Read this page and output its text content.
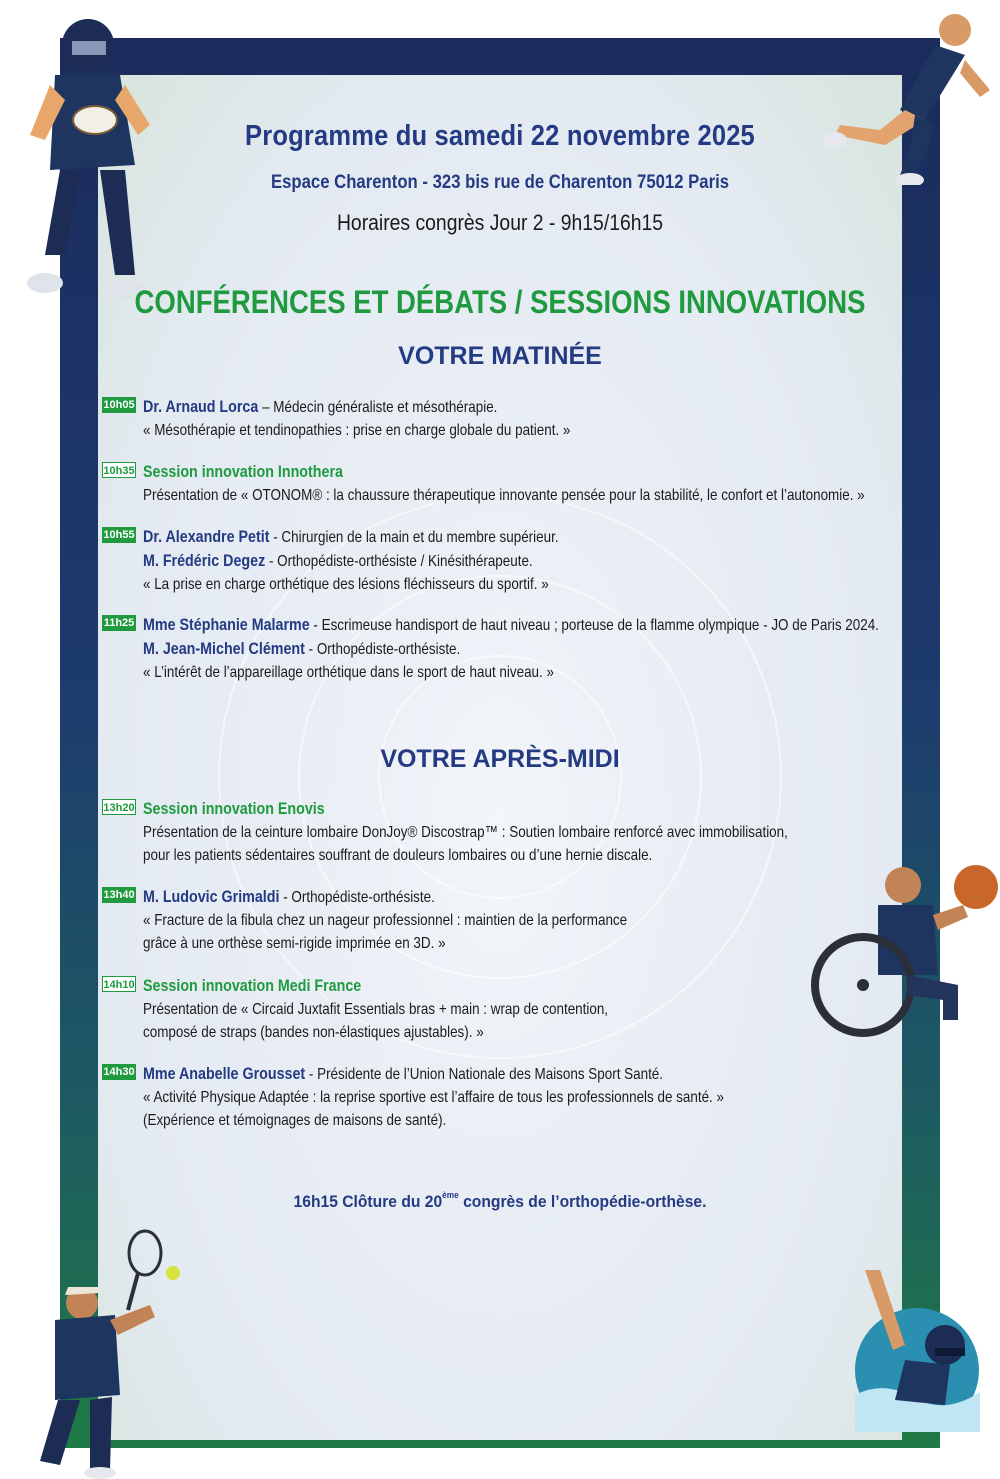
Programme du samedi 22 novembre 2025
Espace Charenton - 323 bis rue de Charenton 75012 Paris
Horaires congrès Jour 2 - 9h15/16h15
CONFÉRENCES ET DÉBATS / SESSIONS INNOVATIONS
VOTRE MATINÉE
10h05 Dr. Arnaud Lorca – Médecin généraliste et mésothérapie.
« Mésothérapie et tendinopathies : prise en charge globale du patient. »
10h35 Session innovation Innothera
Présentation de « OTONOM® : la chaussure thérapeutique innovante pensée pour la stabilité, le confort et l’autonomie. »
10h55 Dr. Alexandre Petit - Chirurgien de la main et du membre supérieur.
M. Frédéric Degez - Orthopédiste-orthésiste / Kinésithérapeute.
« La prise en charge orthétique des lésions fléchisseurs du sportif. »
11h25 Mme Stéphanie Malarme - Escrimeuse handisport de haut niveau ; porteuse de la flamme olympique - JO de Paris 2024.
M. Jean-Michel Clément - Orthopédiste-orthésiste.
« L’intérêt de l’appareillage orthétique dans le sport de haut niveau. »
VOTRE APRÈS-MIDI
13h20 Session innovation Enovis
Présentation de la ceinture lombaire DonJoy® Discostrap™ : Soutien lombaire renforcé avec immobilisation,
pour les patients sédentaires souffrant de douleurs lombaires ou d’une hernie discale.
13h40 M. Ludovic Grimaldi - Orthopédiste-orthésiste.
« Fracture de la fibula chez un nageur professionnel : maintien de la performance
grâce à une orthèse semi-rigide imprimée en 3D. »
14h10 Session innovation Medi France
Présentation de « Circaid Juxtafit Essentials bras + main : wrap de contention,
composé de straps (bandes non-élastiques ajustables). »
14h30 Mme Anabelle Grousset - Présidente de l’Union Nationale des Maisons Sport Santé.
« Activité Physique Adaptée : la reprise sportive est l’affaire de tous les professionnels de santé. »
(Expérience et témoignages de maisons de santé).
16h15 Clôture du 20ème congrès de l’orthopédie-orthèse.
